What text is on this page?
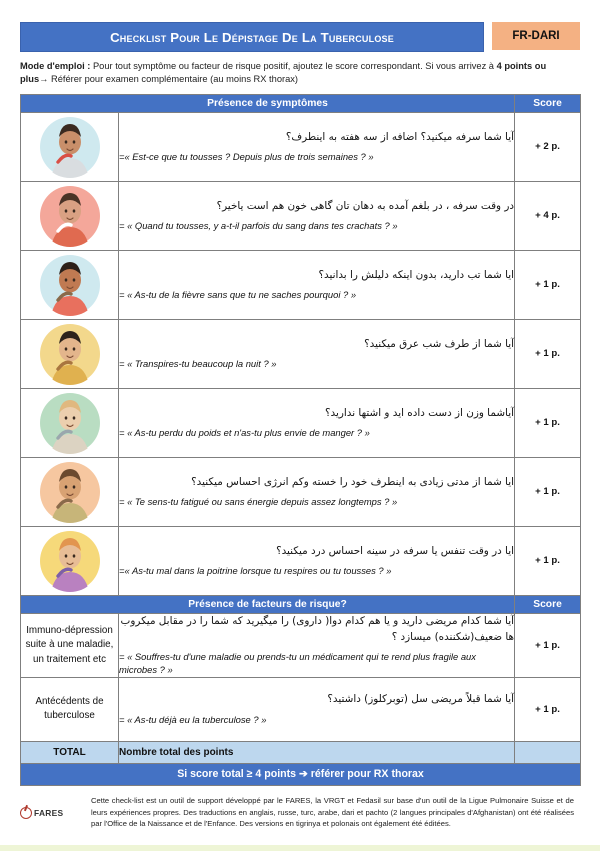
Checklist Pour Le Dépistage De La Tuberculose	FR-DARI
Mode d'emploi : Pour tout symptôme ou facteur de risque positif, ajoutez le score correspondant. Si vous arrivez à 4 points ou plus→ Référer pour examen complémentaire (au moins RX thorax)
Présence de symptômes		Score

آیا شما سرفه میکنید؟ اضافه از سه هفته به اینطرف؟
=« Est-ce que tu tousses ? Depuis plus de trois semaines ? »	+ 2 p.

در وقت سرفه ، در بلغم آمده به دهان تان گاهی خون هم است یاخیر؟
= « Quand tu tousses, y a-t-il parfois du sang dans tes crachats ? »	+ 4 p.

ایا شما تب دارید، بدون اینکه دلیلش را بدانید؟
= « As-tu de la fièvre sans que tu ne saches pourquoi ? »	+ 1 p.

آیا شما از طرف شب عرق میکنید؟
= « Transpires-tu beaucoup la nuit ? »	+ 1 p.

آیاشما وزن از دست داده اید و اشتها ندارید؟
= « As-tu perdu du poids et n'as-tu plus envie de manger ? »	+ 1 p.

ایا شما از مدتی زیادی به اینطرف خود را خسته وکم انرژی احساس میکنید؟
= « Te sens-tu fatigué ou sans énergie depuis assez longtemps ? »	+ 1 p.

ایا در وقت تنفس یا سرفه در سینه احساس درد میکنید؟
=« As-tu mal dans la poitrine lorsque tu respires ou tu tousses ? »	+ 1 p.
Présence de facteurs de risque?		Score
Immuno-dépression suite à une maladie, un traitement etc	آیا شما کدام مریضی دارید و یا هم کدام دوا( داروی) را میگیرید که شما را در مقابل میکروب ها ضعیف(شکننده) میسازد ؟
= « Souffres-tu d'une maladie ou prends-tu un médicament qui te rend plus fragile aux microbes ? »	+ 1 p.
Antécédents de tuberculose	آیا شما قبلاً مریضی سل (توبرکلوز) داشتید؟
= « As-tu déjà eu la tuberculose ? »	+ 1 p.
TOTAL	Nombre total des points	
Si score total ≥ 4 points ➔ référer pour RX thorax		
FARES
Cette check-list est un outil de support développé par le FARES, la VRGT et Fedasil sur base d'un outil de la Ligue Pulmonaire Suisse et de leurs expériences propres. Des traductions en anglais, russe, turc, arabe, dari et pachto (2 langues principales d'Afghanistan) ont été réalisées par l'Office de la Naissance et de l'Enfance. Des versions en tigrinya et polonais ont également été éditées.
